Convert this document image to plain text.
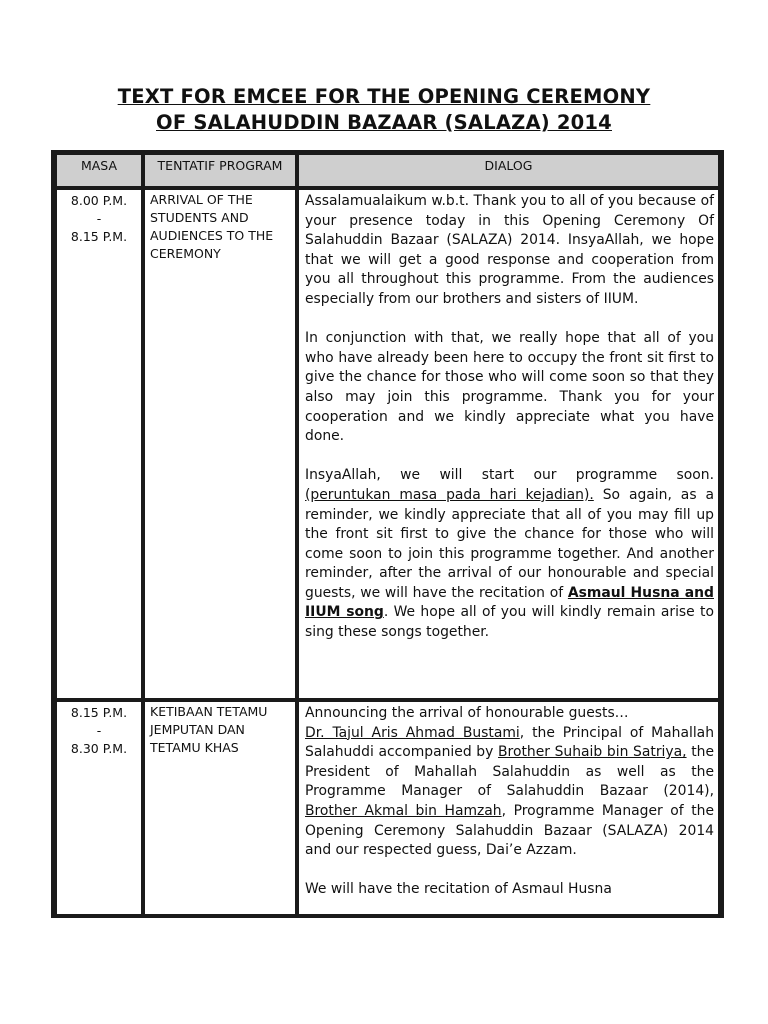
TEXT FOR EMCEE FOR THE OPENING CEREMONY
OF SALAHUDDIN BAZAAR (SALAZA) 2014
MASA	TENTATIF PROGRAM	DIALOG
8.00 P.M.
-
8.15 P.M.
ARRIVAL OF THE STUDENTS AND AUDIENCES TO THE CEREMONY

Assalamualaikum w.b.t. Thank you to all of you because of your presence today in this Opening Ceremony Of Salahuddin Bazaar (SALAZA) 2014. InsyaAllah, we hope that we will get a good response and cooperation from you all throughout this programme. From the audiences especially from our brothers and sisters of IIUM.

In conjunction with that, we really hope that all of you who have already been here to occupy the front sit first to give the chance for those who will come soon so that they also may join this programme. Thank you for your cooperation and we kindly appreciate what you have done.

InsyaAllah, we will start our programme soon. (peruntukan masa pada hari kejadian). So again, as a reminder, we kindly appreciate that all of you may fill up the front sit first to give the chance for those who will come soon to join this programme together. And another reminder, after the arrival of our honourable and special guests, we will have the recitation of Asmaul Husna and IIUM song. We hope all of you will kindly remain arise to sing these songs together.

8.15 P.M.
-
8.30 P.M.
KETIBAAN TETAMU JEMPUTAN DAN TETAMU KHAS
Announcing the arrival of honourable guests…

Dr. Tajul Aris Ahmad Bustami, the Principal of Mahallah Salahuddi accompanied by Brother Suhaib bin Satriya, the President of Mahallah Salahuddin as well as the Programme Manager of Salahuddin Bazaar (2014), Brother Akmal bin Hamzah, Programme Manager of the Opening Ceremony Salahuddin Bazaar (SALAZA) 2014 and our respected guess, Dai’e Azzam.

We will have the recitation of Asmaul Husna
